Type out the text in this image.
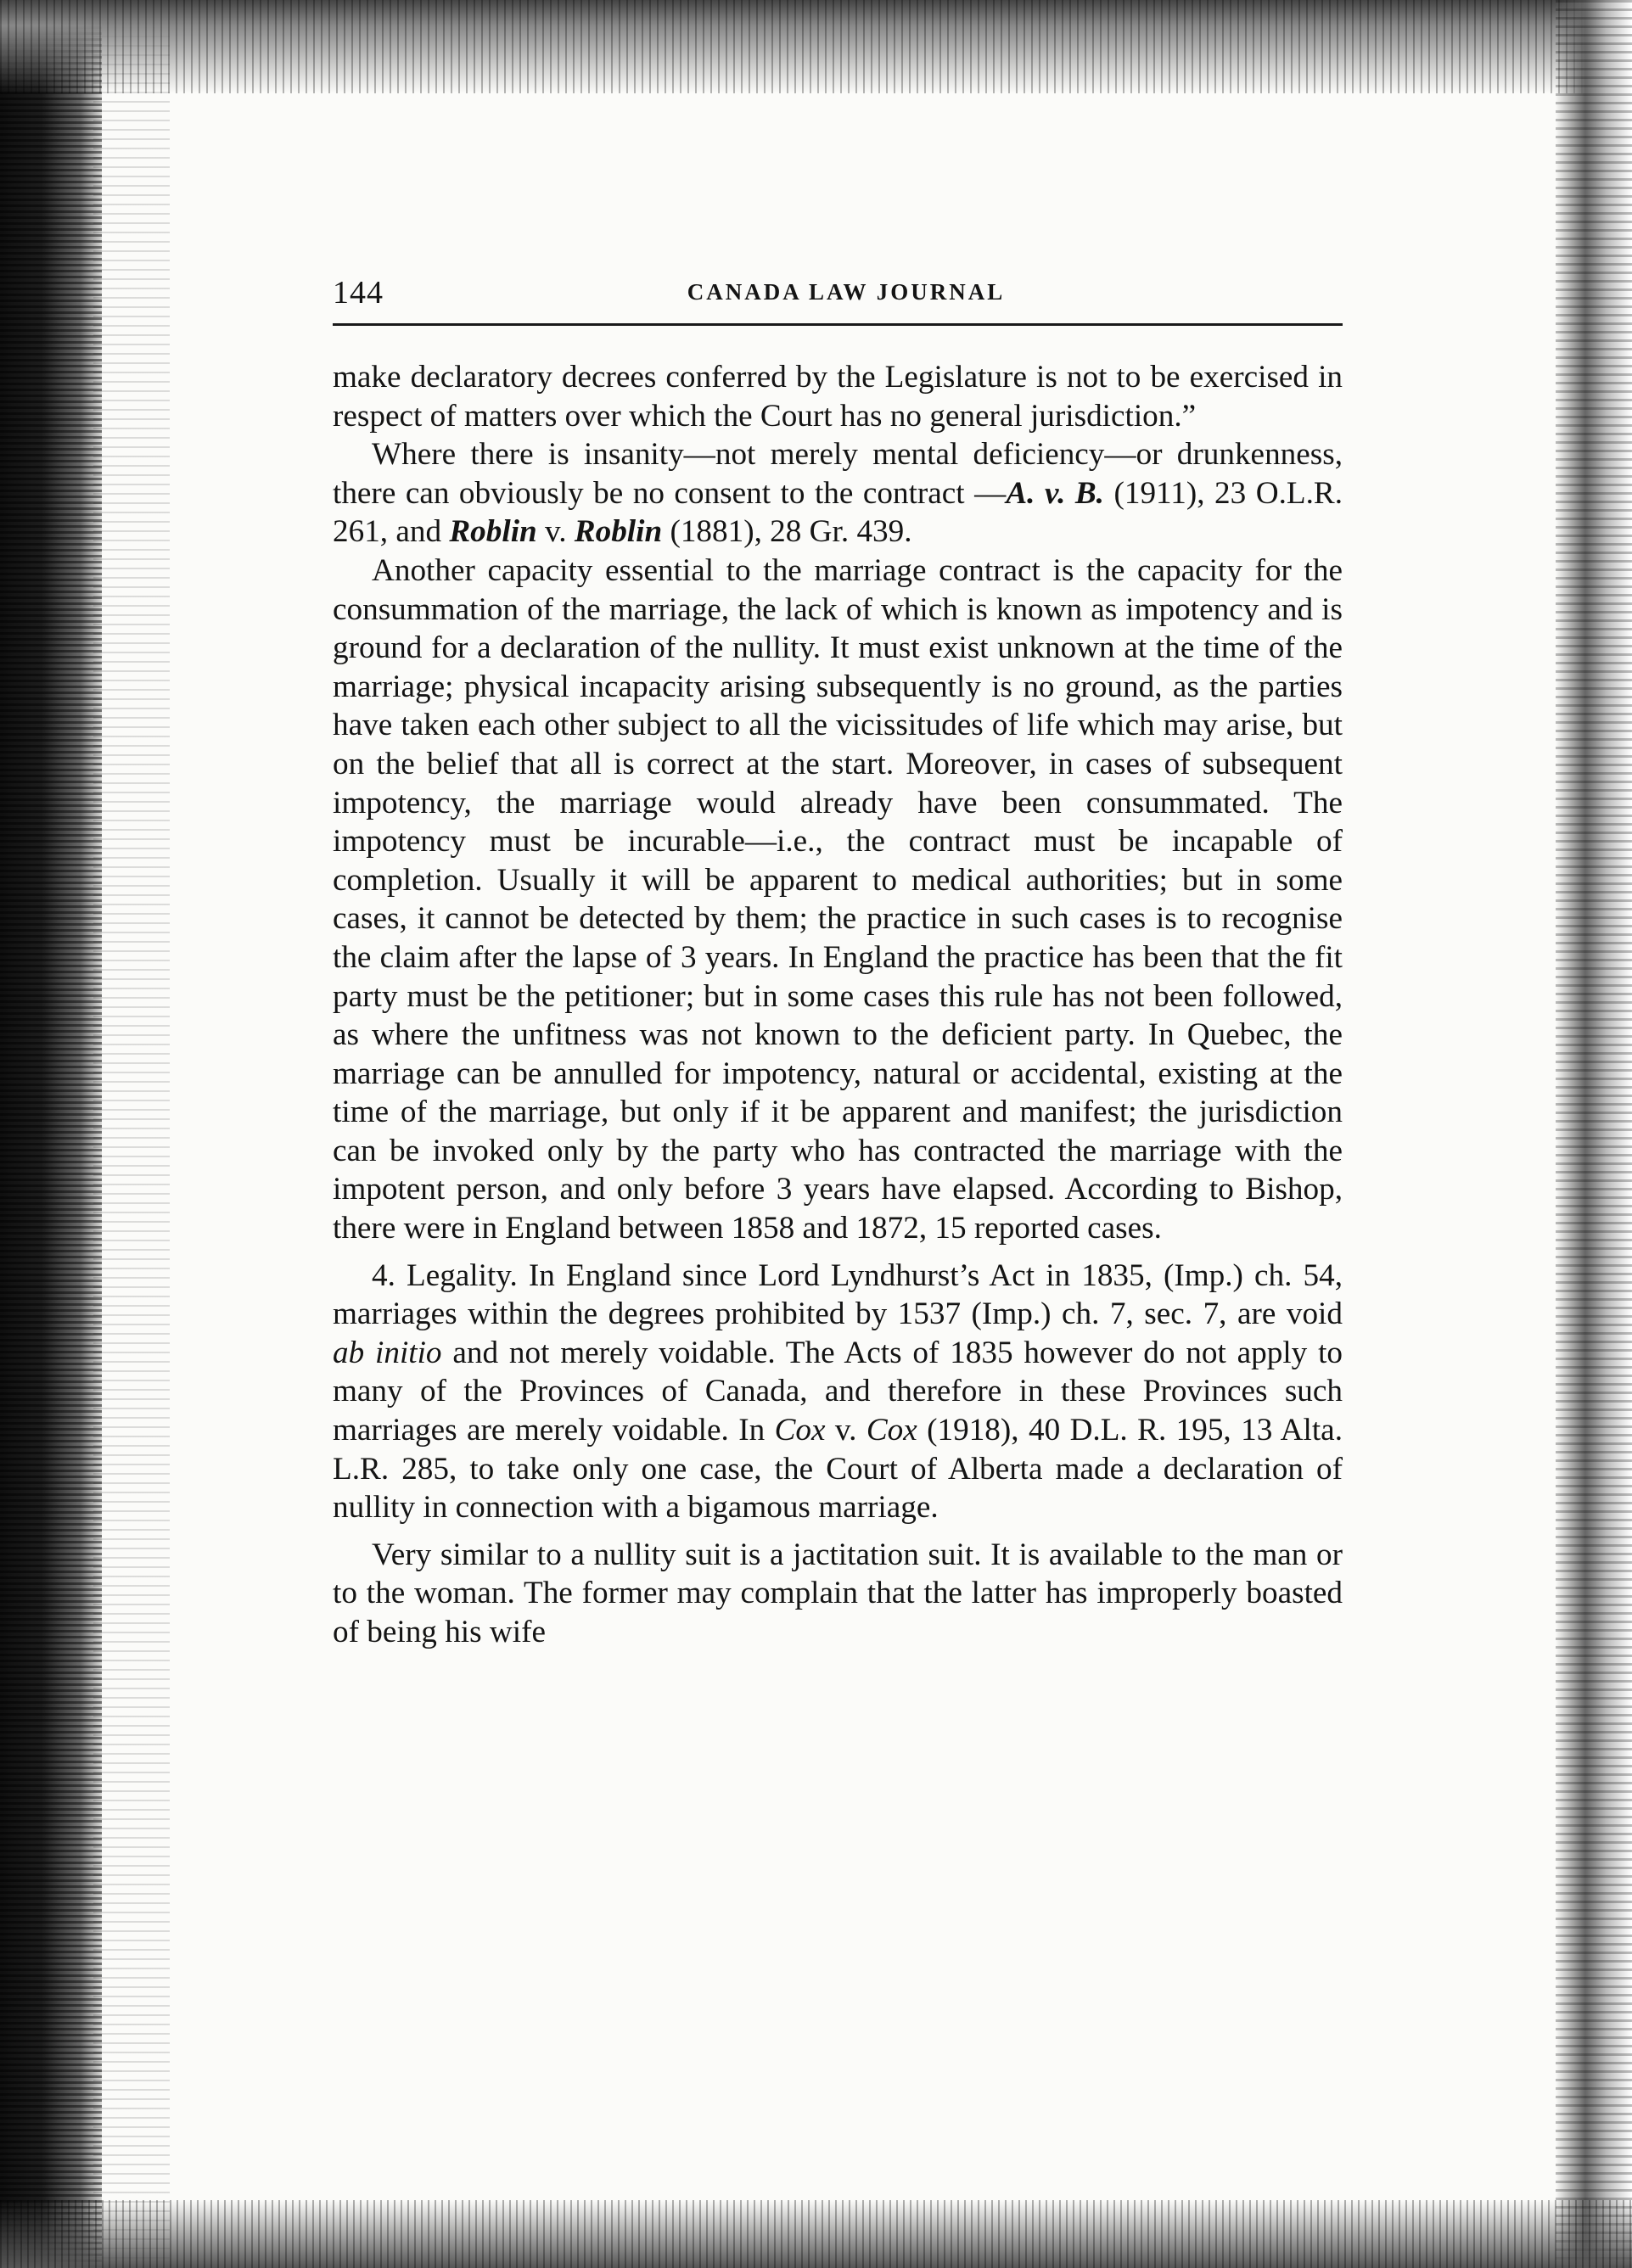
144	CANADA LAW JOURNAL

make declaratory decrees conferred by the Legislature is not to be exercised in respect of matters over which the Court has no general jurisdiction.”

Where there is insanity—not merely mental deficiency—or drunkenness, there can obviously be no consent to the contract —A. v. B. (1911), 23 O.L.R. 261, and Roblin v. Roblin (1881), 28 Gr. 439.

Another capacity essential to the marriage contract is the capacity for the consummation of the marriage, the lack of which is known as impotency and is ground for a declaration of the nullity. It must exist unknown at the time of the marriage; physical incapacity arising subsequently is no ground, as the parties have taken each other subject to all the vicissitudes of life which may arise, but on the belief that all is correct at the start. Moreover, in cases of subsequent impotency, the marriage would already have been consummated. The impotency must be incurable—i.e., the contract must be incapable of completion. Usually it will be apparent to medical authorities; but in some cases, it cannot be detected by them; the practice in such cases is to recognise the claim after the lapse of 3 years. In England the practice has been that the fit party must be the petitioner; but in some cases this rule has not been followed, as where the unfitness was not known to the deficient party. In Quebec, the marriage can be annulled for impotency, natural or accidental, existing at the time of the marriage, but only if it be apparent and manifest; the jurisdiction can be invoked only by the party who has contracted the marriage with the impotent person, and only before 3 years have elapsed. According to Bishop, there were in England between 1858 and 1872, 15 reported cases.

4. Legality. In England since Lord Lyndhurst’s Act in 1835, (Imp.) ch. 54, marriages within the degrees prohibited by 1537 (Imp.) ch. 7, sec. 7, are void ab initio and not merely voidable. The Acts of 1835 however do not apply to many of the Provinces of Canada, and therefore in these Provinces such marriages are merely voidable. In Cox v. Cox (1918), 40 D.L. R. 195, 13 Alta. L.R. 285, to take only one case, the Court of Alberta made a declaration of nullity in connection with a bigamous marriage.

Very similar to a nullity suit is a jactitation suit. It is available to the man or to the woman. The former may complain that the latter has improperly boasted of being his wife
